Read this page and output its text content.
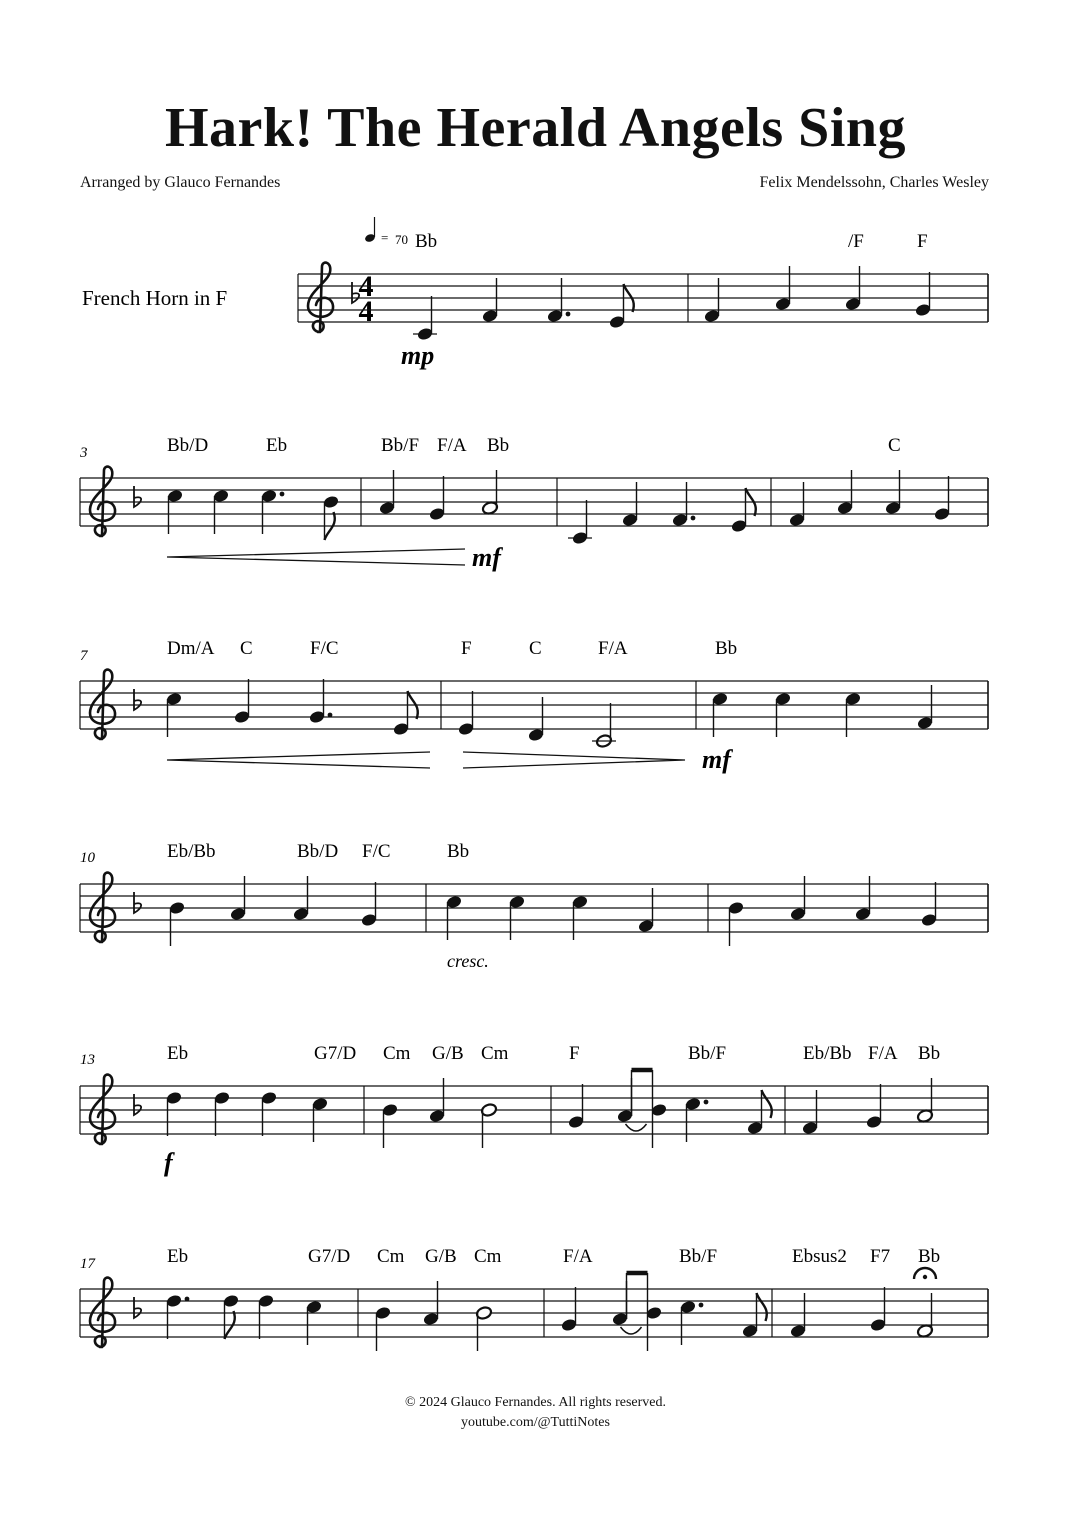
Hark! The Herald Angels Sing
Arranged by Glauco Fernandes	Felix Mendelssohn, Charles Wesley
French Horn in F
= 70
4
4
3
7
10
13
17
Bb	/F	F
Bb/D	Eb	Bb/F F/A Bb	C
Dm/A C	F/C	F	C	F/A	Bb
Eb/Bb	Bb/D F/C	Bb
Eb	G7/D Cm G/B Cm	F	Bb/F	Eb/Bb F/A Bb
Eb	G7/D Cm G/B Cm	F/A	Bb/F	Ebsus2 F7 Bb
mp
mf
mf
f
cresc.
© 2024 Glauco Fernandes. All rights reserved.
youtube.com/@TuttiNotes
